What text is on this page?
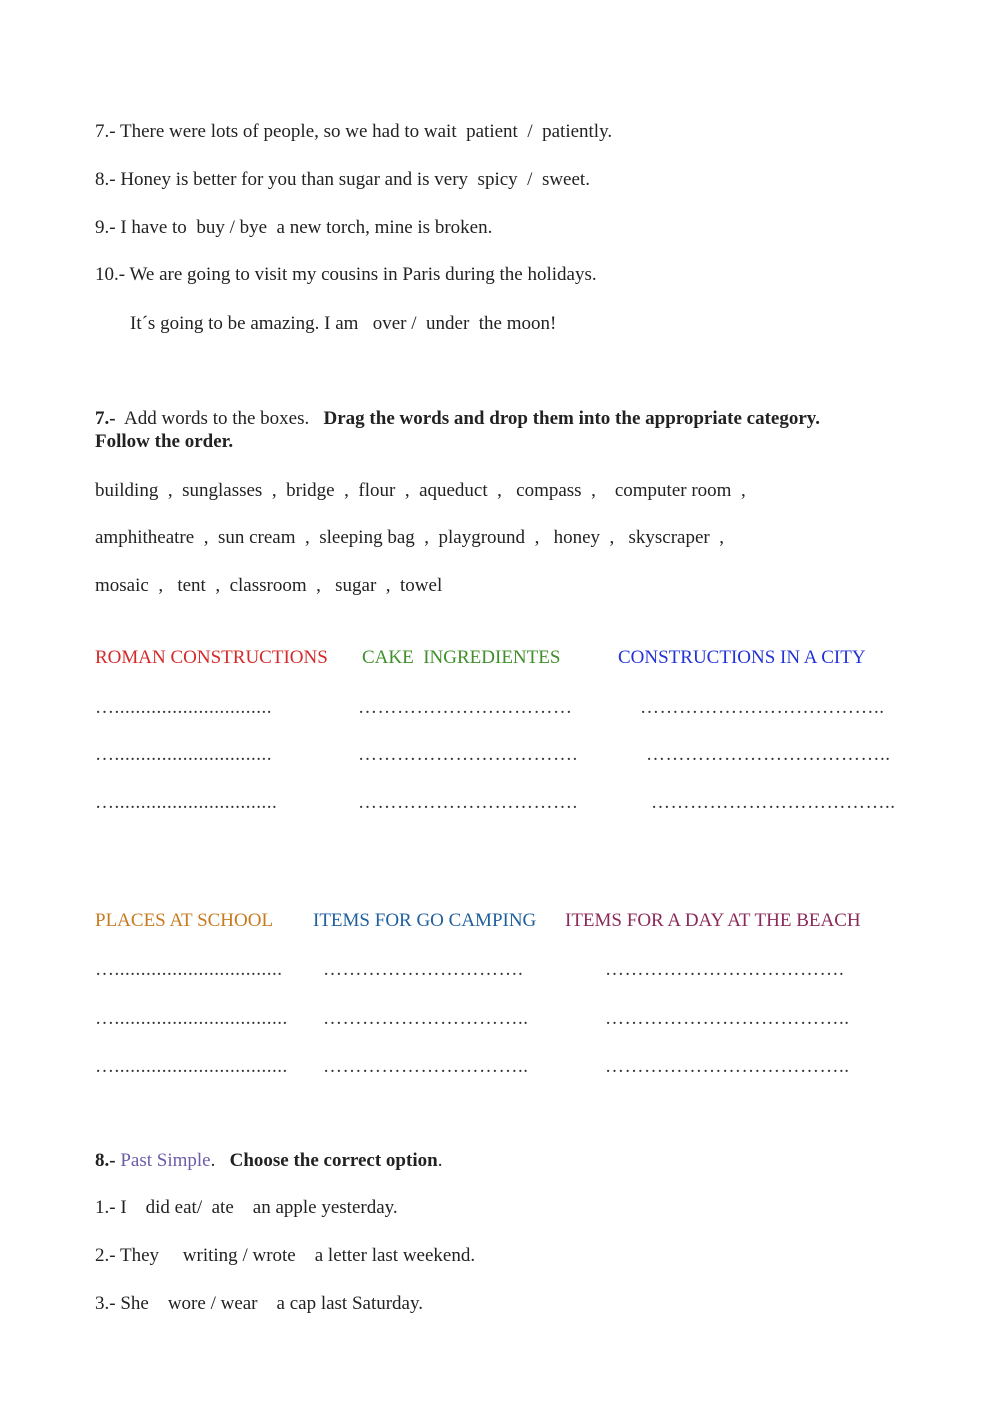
7.- There were lots of people, so we had to wait  patient / patiently.
8.- Honey is better for you than sugar and is very  spicy / sweet.
9.- I have to  buy / bye  a new torch, mine is broken.
10.- We are going to visit my cousins in Paris during the holidays.
It´s going to be amazing. I am   over / under  the moon!
7.- Add words to the boxes. Drag the words and drop them into the appropriate category.
Follow the order.
building  ,  sunglasses  ,  bridge  ,  flour  ,  aqueduct  ,   compass  ,    computer room  ,
amphitheatre  ,  sun cream  ,  sleeping bag  ,  playground  ,   honey  ,   skyscraper  ,
mosaic  ,   tent  ,  classroom  ,   sugar  ,  towel
ROMAN CONSTRUCTIONS CAKE  INGREDIENTES	CONSTRUCTIONS IN A CITY
…..............................
…..............................
…...............................
……………………………
…………………………….
…………………………….
………………………………..
………………………………..
………………………………..
PLACES AT SCHOOL ITEMS FOR GO CAMPING ITEMS FOR A DAY AT THE BEACH
…................................
….................................
….................................
………………………….
…………………………..
…………………………..
……………………………….
………………………………..
………………………………..
8.- Past Simple.   Choose the correct option.
1.- I    did eat/ ate    an apple yesterday.
2.- They     writing / wrote    a letter last weekend.
3.- She    wore / wear    a cap last Saturday.
